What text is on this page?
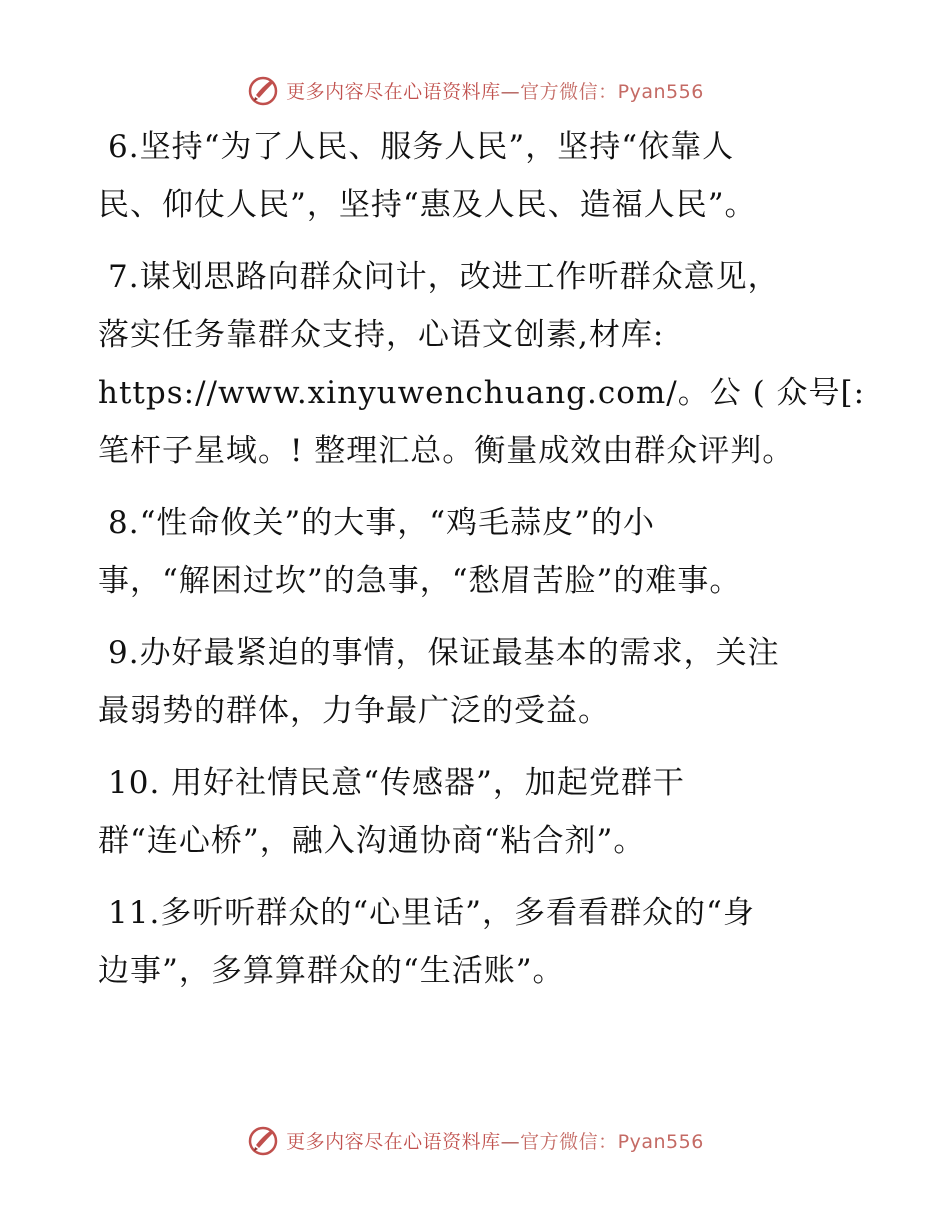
更多内容尽在心语资料库—官方微信：Pyan556

6.坚持“为了人民、服务人民”，坚持“依靠人
民、仰仗人民”，坚持“惠及人民、造福人民”。

7.谋划思路向群众问计，改进工作听群众意见，
落实任务靠群众支持，心语文创素,材库:
https://www.xinyuwenchuang.com/。公 ( 众号[:
笔杆子星域。! 整理汇总。衡量成效由群众评判。

8.“性命攸关”的大事，“鸡毛蒜皮”的小
事，“解困过坎”的急事，“愁眉苦脸”的难事。

9.办好最紧迫的事情，保证最基本的需求，关注
最弱势的群体，力争最广泛的受益。

10. 用好社情民意“传感器”，加起党群干
群“连心桥”，融入沟通协商“粘合剂”。

11.多听听群众的“心里话”，多看看群众的“身
边事”，多算算群众的“生活账”。

更多内容尽在心语资料库—官方微信：Pyan556
